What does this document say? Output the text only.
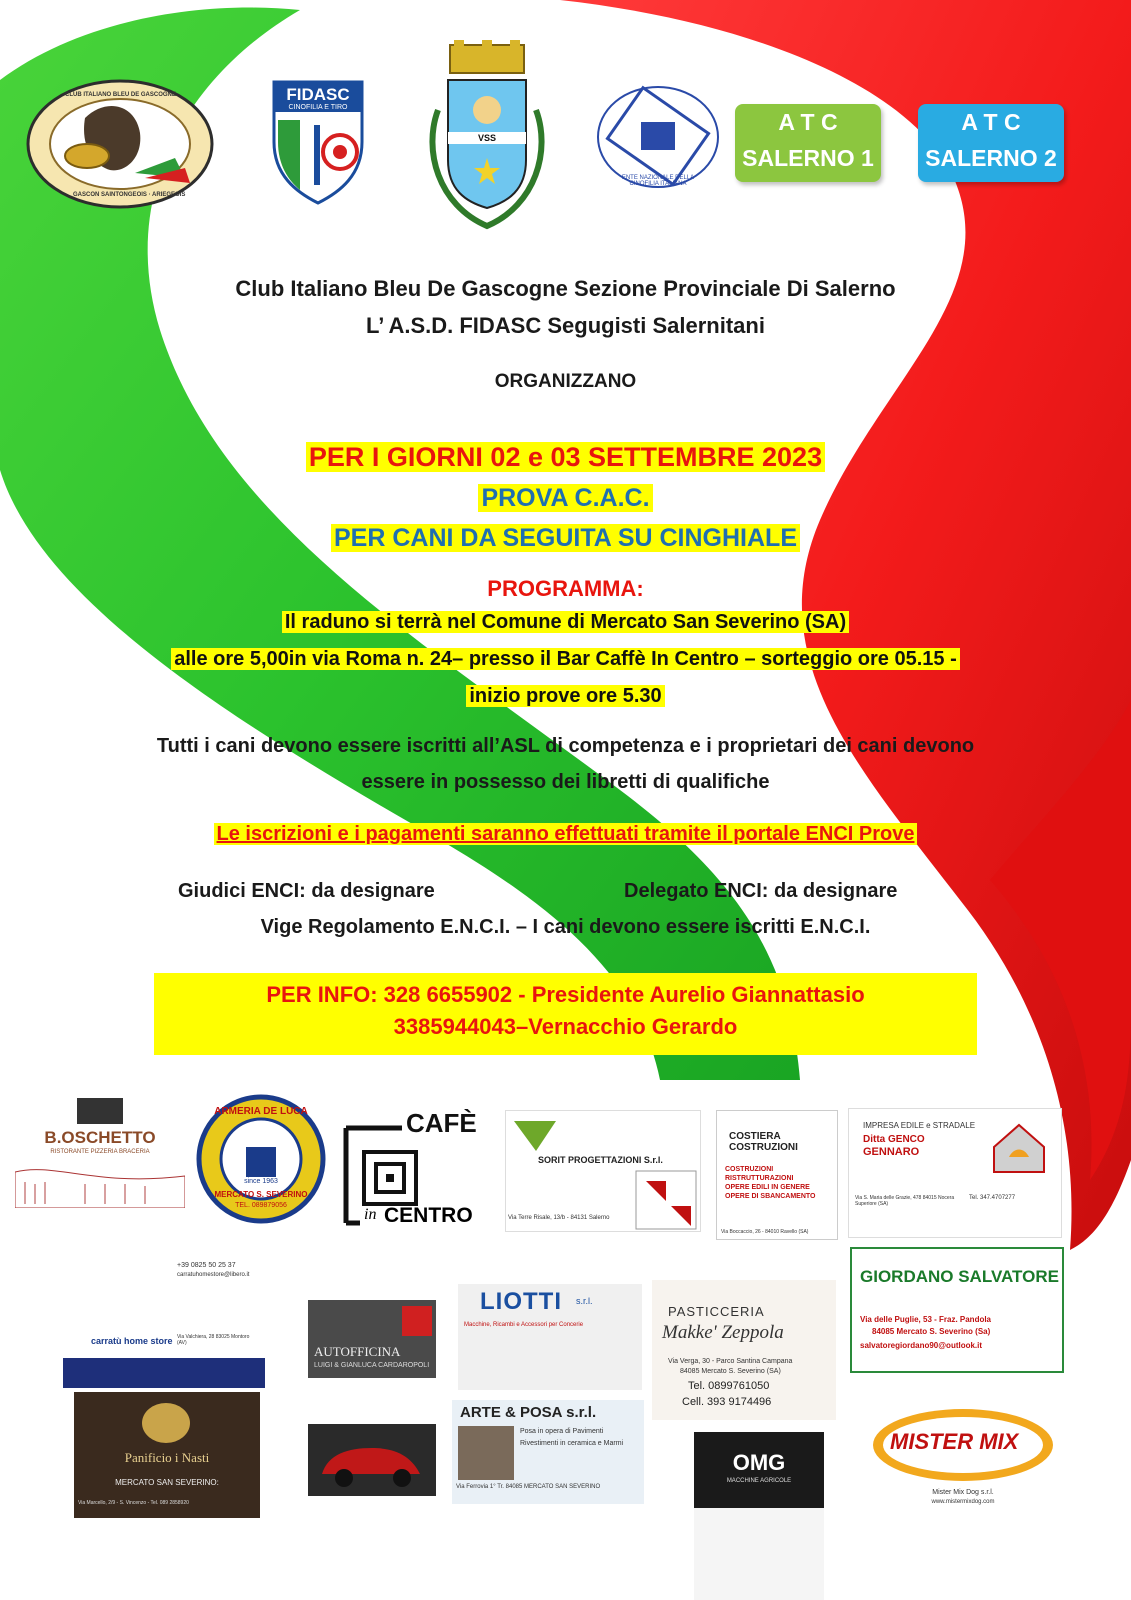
CLUB ITALIANO BLEU DE GASCOGNE
GASCON SAINTONGEOIS · ARIEGEOIS
FIDASC
CINOFILIA E TIRO
VSS
ENTE NAZIONALE DELLA CINOFILIA ITALIANA
A T C
SALERNO 1
A T C
SALERNO 2
Club Italiano Bleu De Gascogne Sezione Provinciale Di Salerno
L’ A.S.D. FIDASC Segugisti Salernitani
ORGANIZZANO
PER I GIORNI 02 e 03 SETTEMBRE 2023
PROVA C.A.C.
PER CANI DA SEGUITA SU CINGHIALE
PROGRAMMA:
Il raduno si terrà nel Comune di Mercato San Severino (SA)
alle ore 5,00in via Roma n. 24– presso il Bar Caffè In Centro – sorteggio ore 05.15 -
inizio prove ore 5.30
Tutti i cani devono essere iscritti all’ASL di competenza e i proprietari dei cani devono
essere in possesso dei libretti di qualifiche
Le iscrizioni e i pagamenti saranno effettuati tramite il portale ENCI Prove
Giudici ENCI: da designare	Delegato ENCI: da designare
Vige Regolamento E.N.C.I. – I cani devono essere iscritti E.N.C.I.
PER INFO: 328 6655902 - Presidente Aurelio Giannattasio
3385944043–Vernacchio Gerardo
B.OSCHETTO
RISTORANTE PIZZERIA BRACERIA
ARMERIA DE LUCA
since 1963
MERCATO S. SEVERINO
TEL. 089879056
CAFÈ
in CENTRO
SORIT PROGETTAZIONI S.r.l.
Via Terre Risale, 13/b - 84131 Salerno
COSTIERA COSTRUZIONI
COSTRUZIONI
RISTRUTTURAZIONI
OPERE EDILI IN GENERE
OPERE DI SBANCAMENTO
Via Boccaccio, 26 - 84010 Ravello (SA)
IMPRESA EDILE e STRADALE
Ditta GENCO
GENNARO
Via S. Maria delle Grazie, 478 84015 Nocera Superiore (SA)
Tel. 347.4707277
+39 0825 50 25 37
carratuhomestore@libero.it
carratù home store Via Valchiera, 28 83025 Montoro (AV)
AUTOFFICINA
LUIGI & GIANLUCA CARDAROPOLI
LIOTTI s.r.l.
Macchine, Ricambi e Accessori per Concerie
PASTICCERIA
Makke' Zeppola
Via Verga, 30 - Parco Santina Campana
84085 Mercato S. Severino (SA)
Tel. 0899761050
Cell. 393 9174496
GIORDANO SALVATORE
Via delle Puglie, 53 - Fraz. Pandola
84085 Mercato S. Severino (Sa)
salvatoregiordano90@outlook.it
Panificio i Nasti
MERCATO SAN SEVERINO:
Via Marcello, 2/9 - S. Vincenzo - Tel. 089 2858920
ARTE & POSA s.r.l.
Posa in opera di Pavimenti
Rivestimenti in ceramica e Marmi
Via Ferrovia 1° Tr. 84085 MERCATO SAN SEVERINO
OMG
MACCHINE AGRICOLE
MISTER MIX
Mister Mix Dog s.r.l.
www.mistermixdog.com
